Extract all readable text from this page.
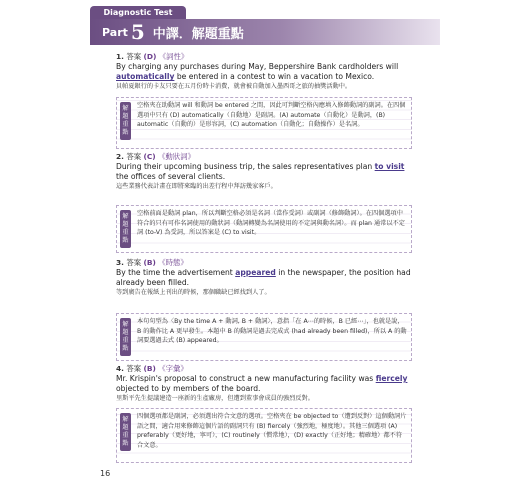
Diagnostic Test
Part 5 中譯．解題重點
1. 答案 (D) 《詞性》
By charging any purchases during May, Beppershire Bank cardholders will automatically be entered in a contest to win a vacation to Mexico.
貝帕夏銀行的卡友只要在五月份時卡消費，就會被自動加入墨西哥之旅的抽獎活動中。
解題重點
空格夾在助動詞 will 和動詞 be entered 之間，因此可判斷空格內應填入修飾動詞的副詞。在四個選項中只有 (D) automatically（自動地）是副詞。(A) automate（自動化）是動詞，(B) automatic（自動的）是形容詞，(C) automation（自動化；自動操作）是名詞。
2. 答案 (C) 《動狀詞》
During their upcoming business trip, the sales representatives plan to visit the offices of several clients.
這些業務代表計畫在即將來臨的出差行程中拜訪幾家客戶。
解題重點
空格前面是動詞 plan，所以判斷空格必須是名詞（當作受詞）或副詞（修飾動詞）。在四個選項中符合的只有可作名詞使用的動狀詞（動詞轉變為名詞使用的不定詞與動名詞）。而 plan 通常以不定詞 (to-V) 為受詞，所以答案是 (C) to visit。
3. 答案 (B) 《時態》
By the time the advertisement appeared in the newspaper, the position had already been filled.
等到廣告在報紙上刊出的時候，那個職缺已經找到人了。
解題重點
本句句型為〈By the time A + 動詞, B + 動詞〉，意指「在 A⋯的時候，B 已經⋯」，也就是說，B 的動作比 A 更早發生。本題中 B 的動詞是過去完成式 (had already been filled)，所以 A 的動詞要選過去式 (B) appeared。
4. 答案 (B) 《字彙》
Mr. Krispin's proposal to construct a new manufacturing facility was fiercely objected to by members of the board.
里斯平先生提議建造一座新的生產廠房，但遭到董事會成員的強烈反對。
解題重點
四個選項都是副詞，必須選出符合文意的選項。空格夾在 be objected to（遭到反對）這個動詞片語之間，適合用來修飾這個片語的副詞只有 (B) fiercely（強烈地，極度地）。其他三個選項 (A) preferably（更好地，寧可），(C) routinely（慣常地），(D) exactly（正好地；精確地）都不符合文意。
16
